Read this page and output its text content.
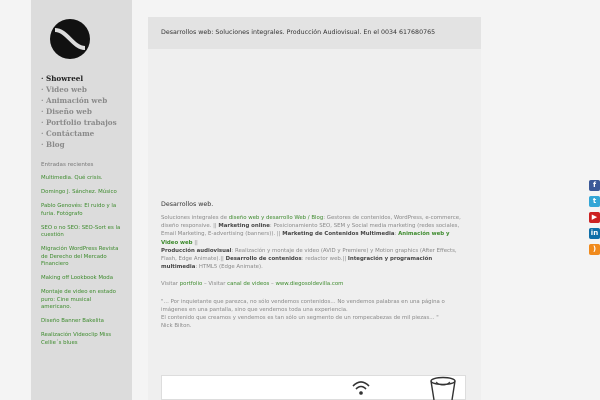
· Showreel
· Video web
· Animación web
· Diseño web
· Portfolio trabajos
· Contáctame
· Blog
Entradas recientes
Multimedia. Qué crisis.
Domingo J. Sánchez. Músico
Pablo Genovés: El ruido y la furia. Fotógrafo
SEO o no SEO: SEO-Sort es la cuestión
Migración WordPress Revista de Derecho del Mercado Financiero
Making off Lookbook Moda
Montaje de video en estado puro: Cine musical americano.
Diseño Banner Bakelita
Realización Videoclip Miss Cellie´s blues
Desarrollos web: Soluciones integrales. Producción Audiovisual. En el 0034 617680765
Desarrollos web.

Soluciones integrales de diseño web y desarrollo Web / Blog: Gestores de contenidos, WordPress, e-commerce, diseño responsive. || Marketing online: Posicionamiento SEO, SEM y Social media marketing (redes sociales, Email Marketing, E-advertising (banners)). || Marketing de Contenidos Multimedia: Animación web y Video web ||
Producción audiovisual: Realización y montaje de video (AVID y Premiere) y Motion graphics (After Effects, Flash, Edge Animate).|| Desarrollo de contenidos: redactor web.|| Integración y programación multimedia: HTML5 (Edge Animate).

Visitar portfolio – Visitar canal de videos – www.diegosoldevilla.com

"… Por inquietante que parezca, no sólo vendemos contenidos… No vendemos palabras en una página o imágenes en una pantalla, sino que vendemos toda una experiencia.
El contenido que creamos y vendemos es tan sólo un segmento de un rompecabezas de mil piezas… "
Nick Bilton.

f
t
▶
in
)
